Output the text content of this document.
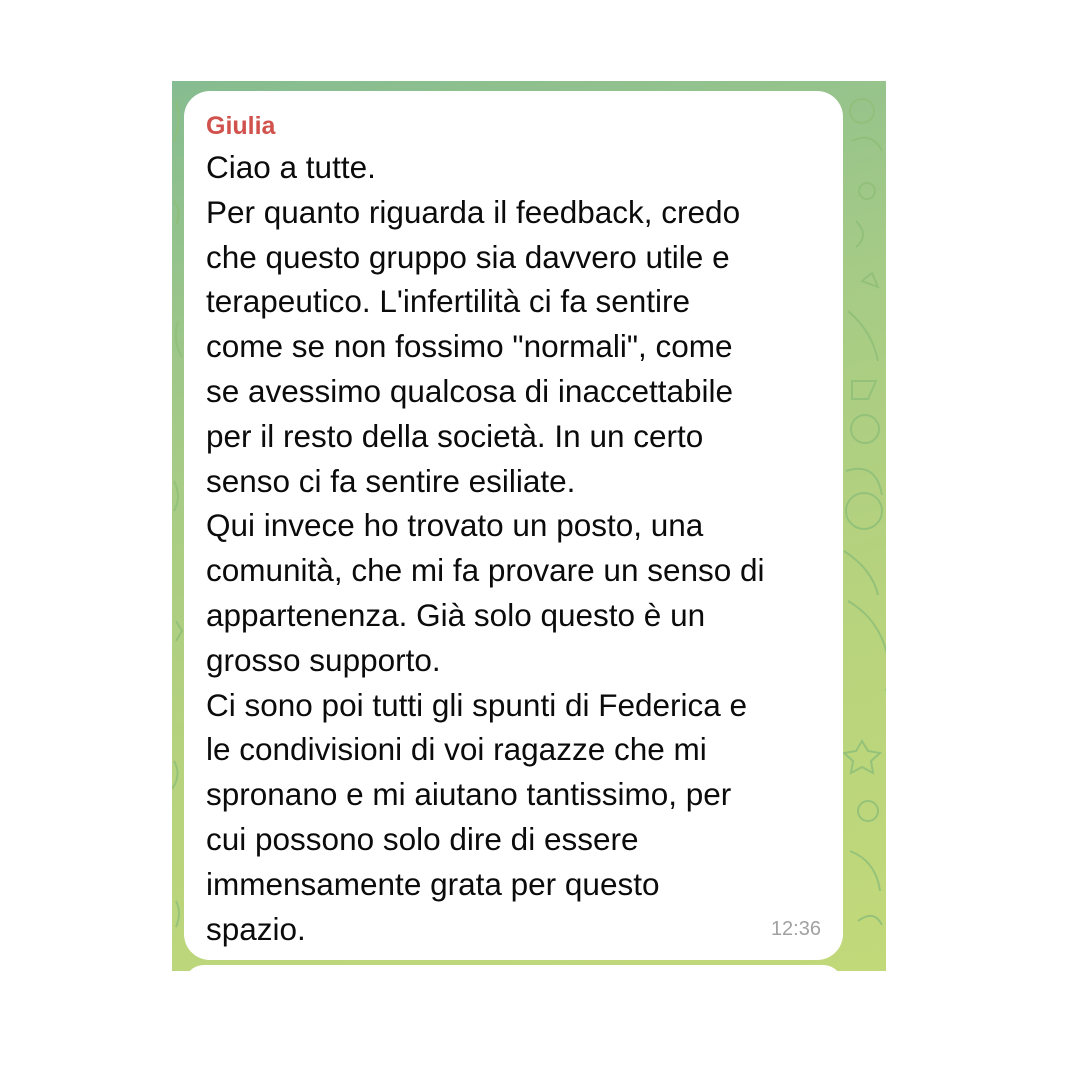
Giulia
Ciao a tutte.
Per quanto riguarda il feedback, credo
che questo gruppo sia davvero utile e
terapeutico. L'infertilità ci fa sentire
come se non fossimo "normali", come
se avessimo qualcosa di inaccettabile
per il resto della società. In un certo
senso ci fa sentire esiliate.
Qui invece ho trovato un posto, una
comunità, che mi fa provare un senso di
appartenenza. Già solo questo è un
grosso supporto.
Ci sono poi tutti gli spunti di Federica e
le condivisioni di voi ragazze che mi
spronano e mi aiutano tantissimo, per
cui possono solo dire di essere
immensamente grata per questo
spazio.	12:36
